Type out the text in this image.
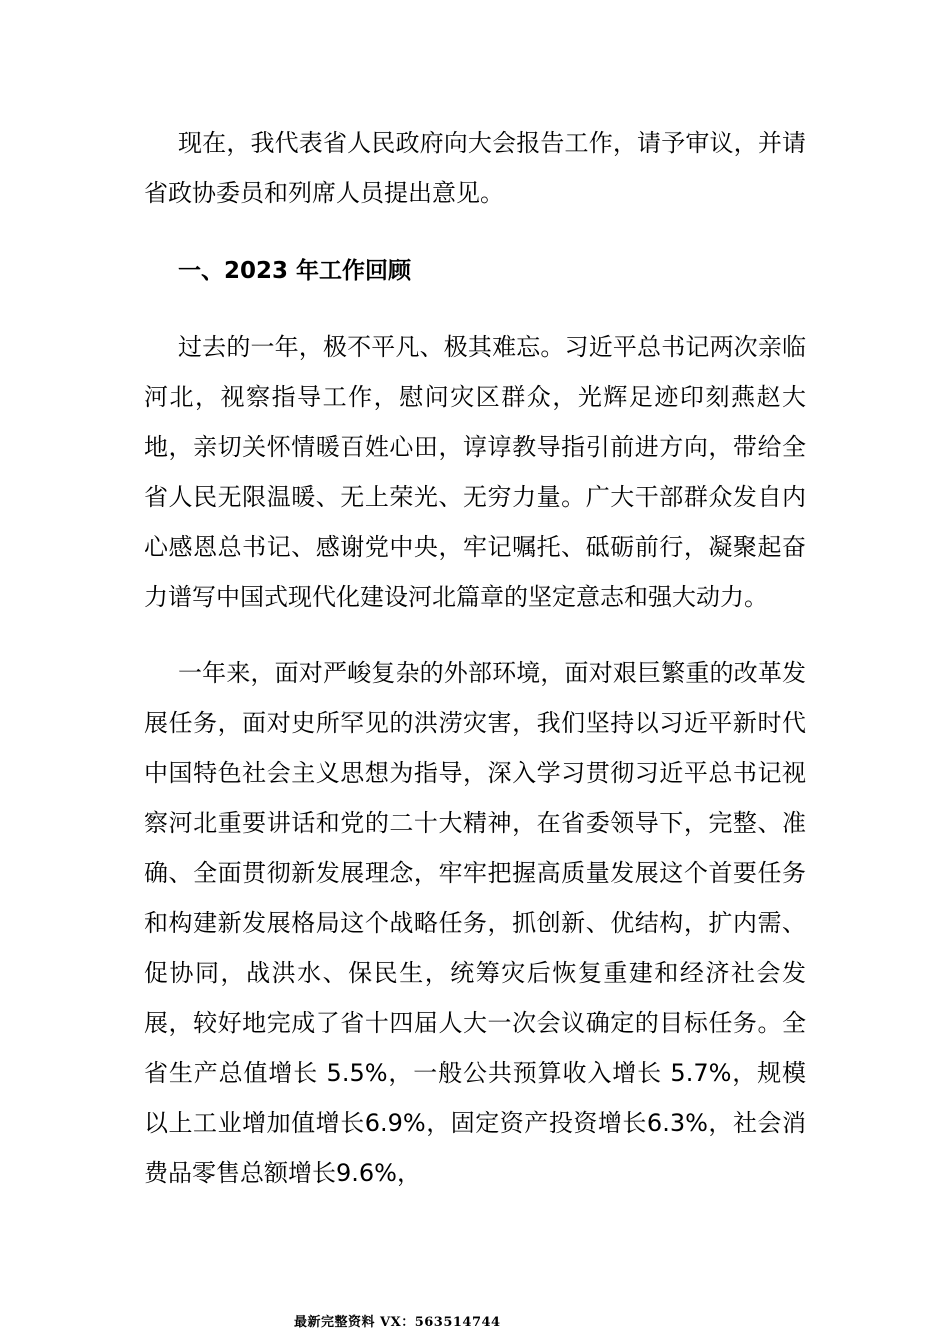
现在，我代表省人民政府向大会报告工作，请予审议，并请省政协委员和列席人员提出意见。

一、2023 年工作回顾

过去的一年，极不平凡、极其难忘。习近平总书记两次亲临河北，视察指导工作，慰问灾区群众，光辉足迹印刻燕赵大地，亲切关怀情暖百姓心田，谆谆教导指引前进方向，带给全省人民无限温暖、无上荣光、无穷力量。广大干部群众发自内心感恩总书记、感谢党中央，牢记嘱托、砥砺前行，凝聚起奋力谱写中国式现代化建设河北篇章的坚定意志和强大动力。

一年来，面对严峻复杂的外部环境，面对艰巨繁重的改革发展任务，面对史所罕见的洪涝灾害，我们坚持以习近平新时代中国特色社会主义思想为指导，深入学习贯彻习近平总书记视察河北重要讲话和党的二十大精神，在省委领导下，完整、准确、全面贯彻新发展理念，牢牢把握高质量发展这个首要任务和构建新发展格局这个战略任务，抓创新、优结构，扩内需、促协同，战洪水、保民生，统筹灾后恢复重建和经济社会发展，较好地完成了省十四届人大一次会议确定的目标任务。全省生产总值增长 5.5%，一般公共预算收入增长 5.7%，规模以上工业增加值增长6.9%，固定资产投资增长6.3%，社会消费品零售总额增长9.6%，

最新完整资料 VX：563514744
